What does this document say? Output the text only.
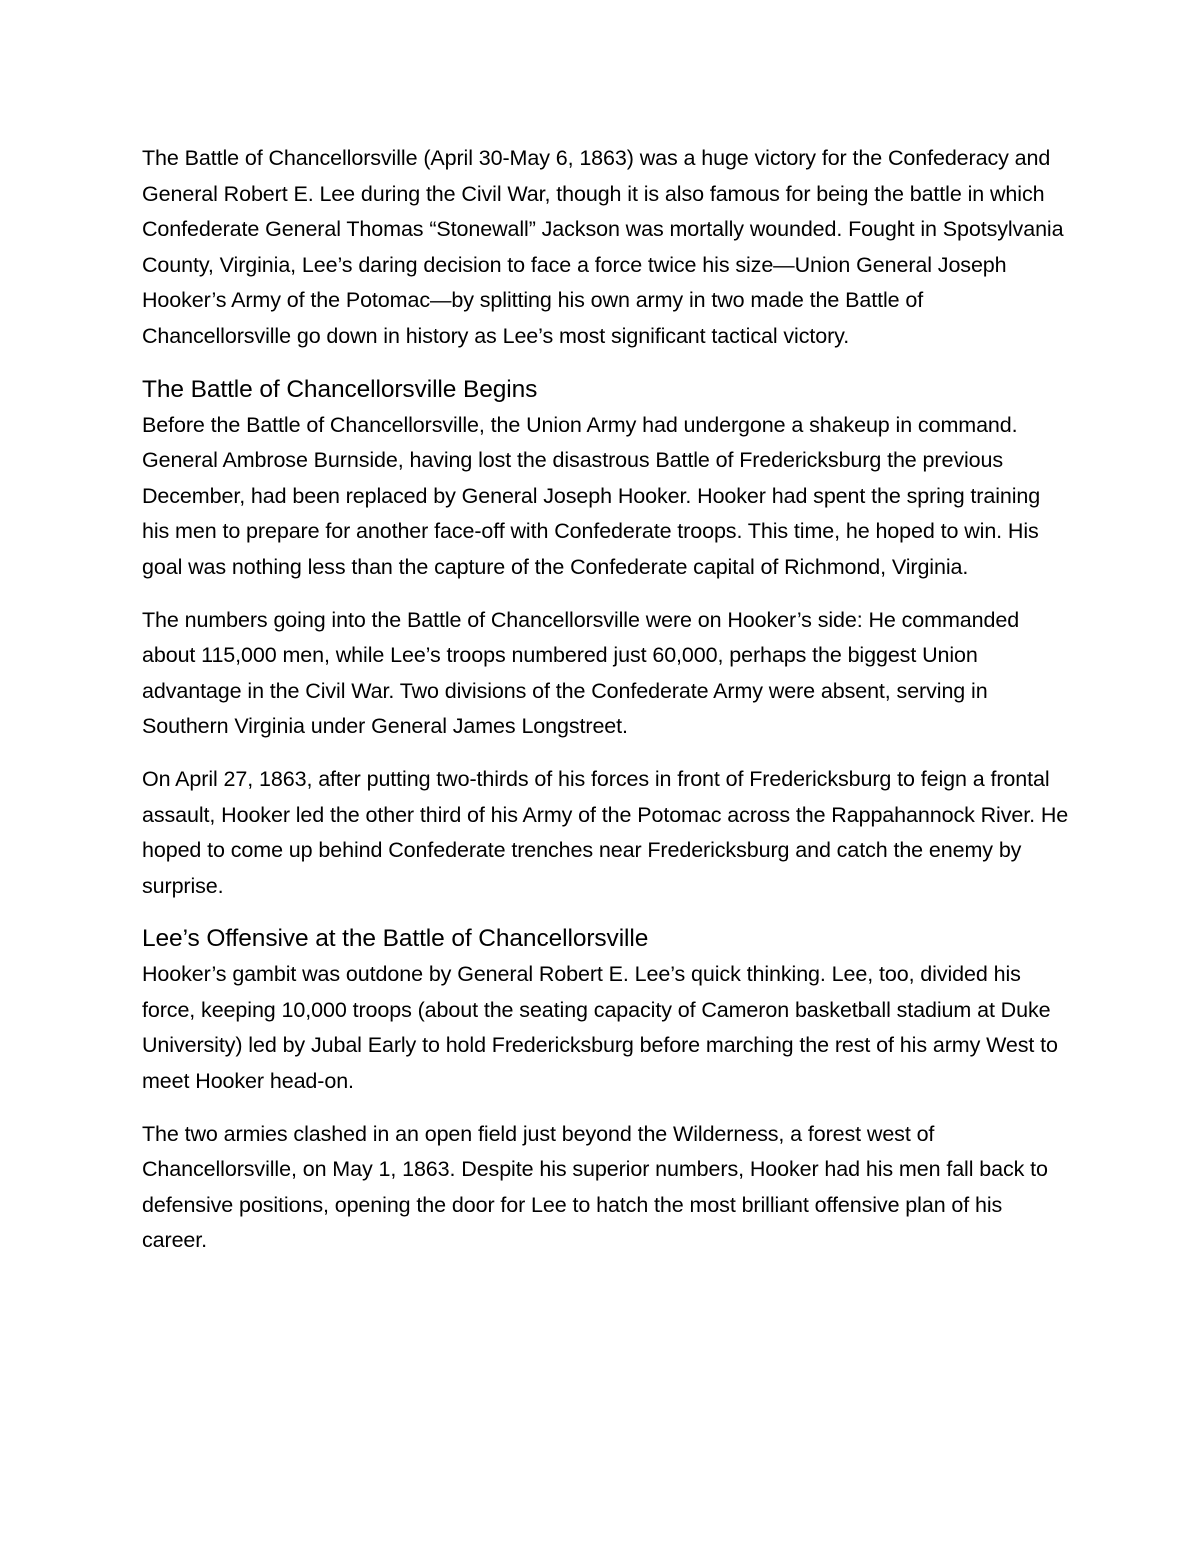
The Battle of Chancellorsville (April 30-May 6, 1863) was a huge victory for the Confederacy and General Robert E. Lee during the Civil War, though it is also famous for being the battle in which Confederate General Thomas “Stonewall” Jackson was mortally wounded. Fought in Spotsylvania County, Virginia, Lee’s daring decision to face a force twice his size—Union General Joseph Hooker’s Army of the Potomac—by splitting his own army in two made the Battle of Chancellorsville go down in history as Lee’s most significant tactical victory.

The Battle of Chancellorsville Begins

Before the Battle of Chancellorsville, the Union Army had undergone a shakeup in command. General Ambrose Burnside, having lost the disastrous Battle of Fredericksburg the previous December, had been replaced by General Joseph Hooker. Hooker had spent the spring training his men to prepare for another face-off with Confederate troops. This time, he hoped to win. His goal was nothing less than the capture of the Confederate capital of Richmond, Virginia.

The numbers going into the Battle of Chancellorsville were on Hooker’s side: He commanded about 115,000 men, while Lee’s troops numbered just 60,000, perhaps the biggest Union advantage in the Civil War. Two divisions of the Confederate Army were absent, serving in Southern Virginia under General James Longstreet.

On April 27, 1863, after putting two-thirds of his forces in front of Fredericksburg to feign a frontal assault, Hooker led the other third of his Army of the Potomac across the Rappahannock River. He hoped to come up behind Confederate trenches near Fredericksburg and catch the enemy by surprise.

Lee’s Offensive at the Battle of Chancellorsville

Hooker’s gambit was outdone by General Robert E. Lee’s quick thinking. Lee, too, divided his force, keeping 10,000 troops (about the seating capacity of Cameron basketball stadium at Duke University) led by Jubal Early to hold Fredericksburg before marching the rest of his army West to meet Hooker head-on.

The two armies clashed in an open field just beyond the Wilderness, a forest west of Chancellorsville, on May 1, 1863. Despite his superior numbers, Hooker had his men fall back to defensive positions, opening the door for Lee to hatch the most brilliant offensive plan of his career.
